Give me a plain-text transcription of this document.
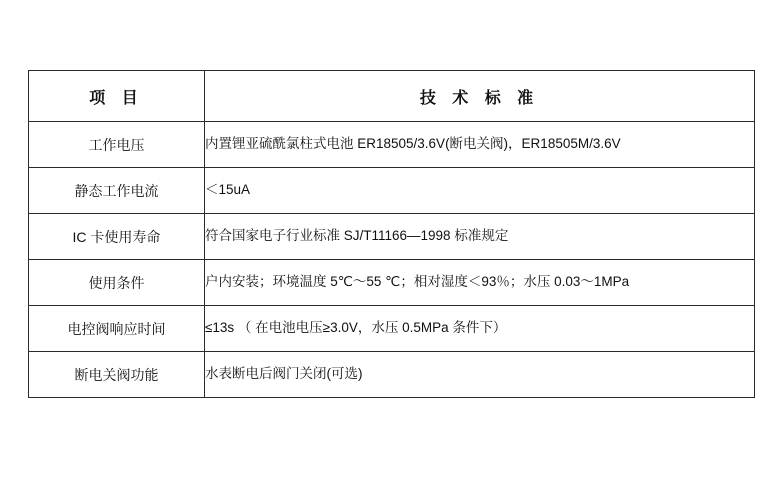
项 目	技 术 标 准
工作电压	内置锂亚硫酰氯柱式电池 ER18505/3.6V(断电关阀)，ER18505M/3.6V
静态工作电流	＜15uA
IC 卡使用寿命	符合国家电子行业标准 SJ/T11166—1998 标准规定
使用条件	户内安装；环境温度 5℃～55 ℃；相对湿度＜93％；水压 0.03～1MPa
电控阀响应时间	≤13s （ 在电池电压≥3.0V，水压 0.5MPa 条件下）
断电关阀功能	水表断电后阀门关闭(可选)
